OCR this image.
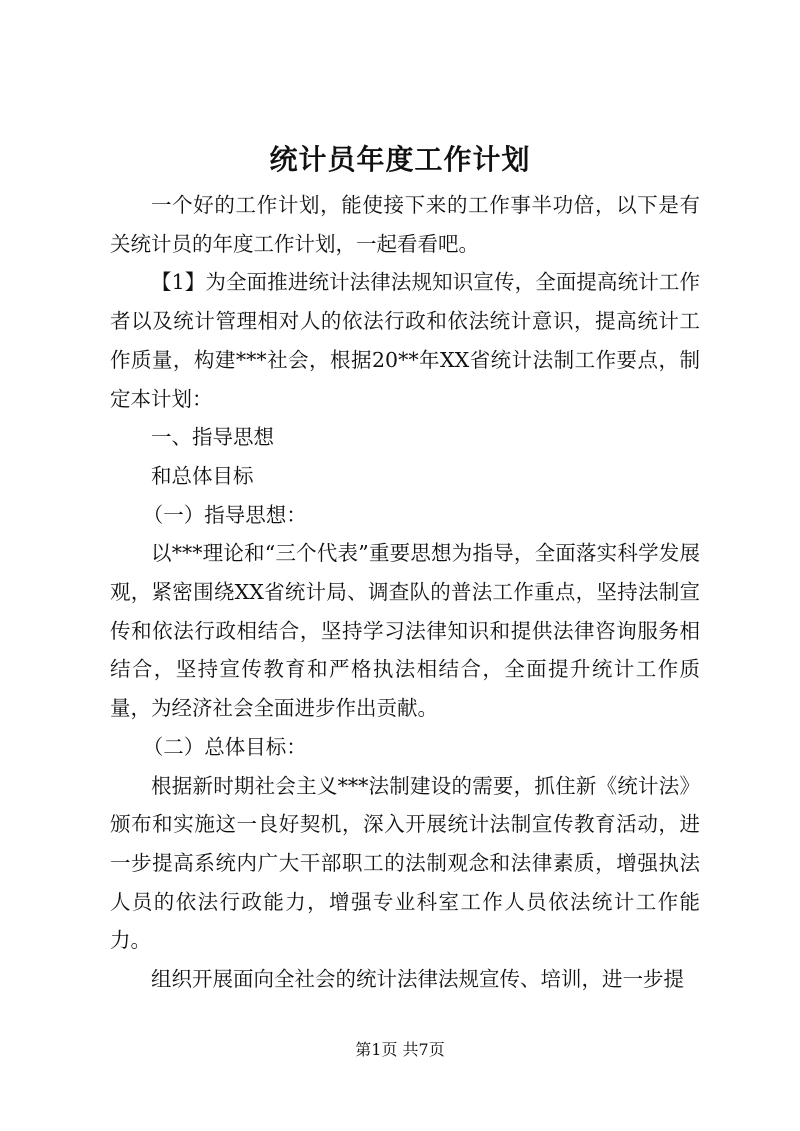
统计员年度工作计划

一个好的工作计划，能使接下来的工作事半功倍，以下是有关统计员的年度工作计划，一起看看吧。

【1】为全面推进统计法律法规知识宣传，全面提高统计工作者以及统计管理相对人的依法行政和依法统计意识，提高统计工作质量，构建***社会，根据20**年XX省统计法制工作要点，制定本计划：

一、指导思想

和总体目标

（一）指导思想：

以***理论和“三个代表”重要思想为指导，全面落实科学发展观，紧密围绕XX省统计局、调查队的普法工作重点，坚持法制宣传和依法行政相结合，坚持学习法律知识和提供法律咨询服务相结合，坚持宣传教育和严格执法相结合，全面提升统计工作质量，为经济社会全面进步作出贡献。

（二）总体目标：

根据新时期社会主义***法制建设的需要，抓住新《统计法》颁布和实施这一良好契机，深入开展统计法制宣传教育活动，进一步提高系统内广大干部职工的法制观念和法律素质，增强执法人员的依法行政能力，增强专业科室工作人员依法统计工作能力。

组织开展面向全社会的统计法律法规宣传、培训，进一步提

第1页 共7页
